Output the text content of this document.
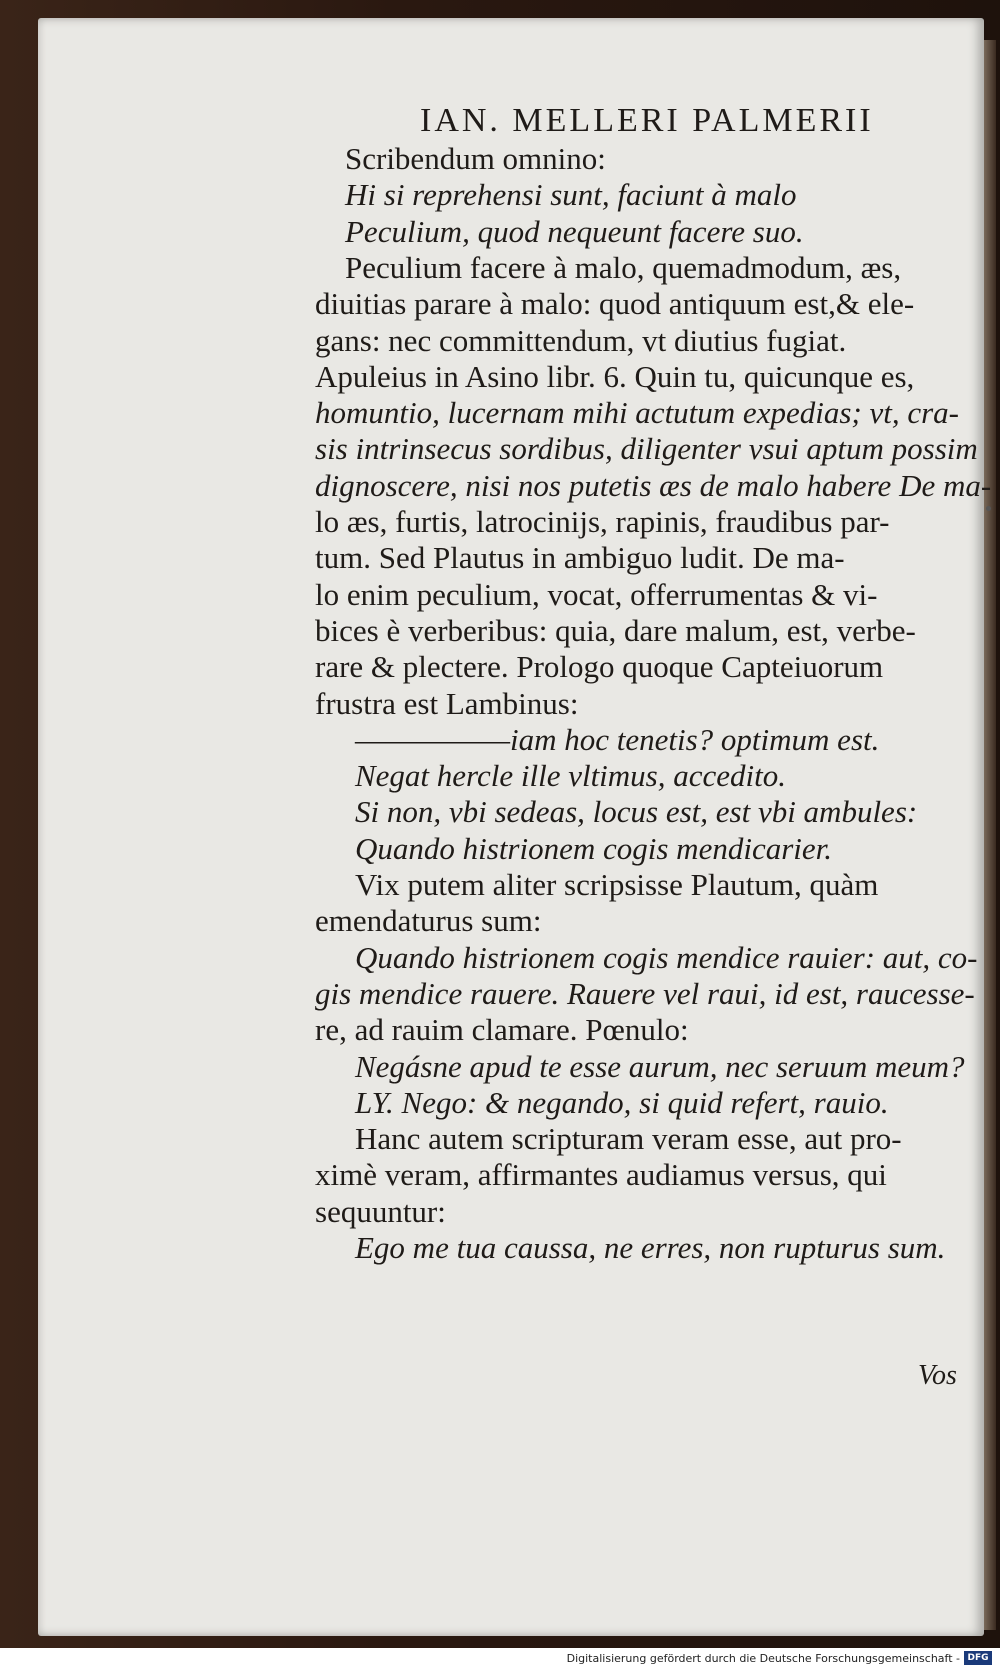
IAN. MELLERI PALMERII
Scribendum omnino:
Hi si reprehensi sunt, faciunt à malo
Peculium, quod nequeunt facere suo.
Peculium facere à malo, quemadmodum, æs,
diuitias parare à malo: quod antiquum est,& ele-
gans: nec committendum, vt diutius fugiat.
Apuleius in Asino libr. 6. Quin tu, quicunque es,
homuntio, lucernam mihi actutum expedias; vt, cra-
sis intrinsecus sordibus, diligenter vsui aptum possim
dignoscere, nisi nos putetis æs de malo habere De ma-
lo æs, furtis, latrocinijs, rapinis, fraudibus par-
tum. Sed Plautus in ambiguo ludit. De ma-
lo enim peculium, vocat, offerrumentas & vi-
bices è verberibus: quia, dare malum, est, verbe-
rare & plectere. Prologo quoque Capteiuorum
frustra est Lambinus:
―――――iam hoc tenetis? optimum est.
Negat hercle ille vltimus, accedito.
Si non, vbi sedeas, locus est, est vbi ambules:
Quando histrionem cogis mendicarier.
Vix putem aliter scripsisse Plautum, quàm
emendaturus sum:
Quando histrionem cogis mendice rauier: aut, co-
gis mendice rauere. Rauere vel raui, id est, raucesse-
re, ad rauim clamare. Pœnulo:
Negásne apud te esse aurum, nec seruum meum?
LY. Nego: & negando, si quid refert, rauio.
Hanc autem scripturam veram esse, aut pro-
ximè veram, affirmantes audiamus versus, qui
sequuntur:
Ego me tua caussa, ne erres, non rupturus sum.
Vos
Digitalisierung gefördert durch die Deutsche Forschungsgemeinschaft - DFG
